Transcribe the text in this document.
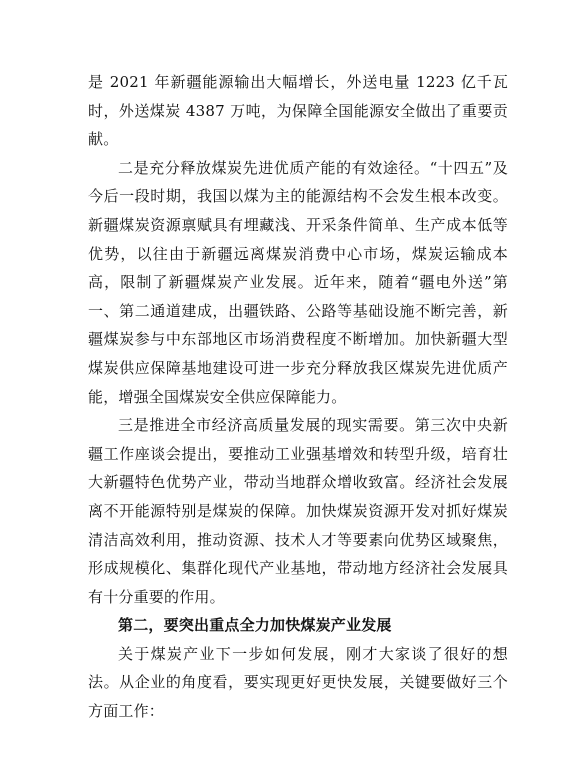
是 2021 年新疆能源输出大幅增长，外送电量 1223 亿千瓦时，外送煤炭 4387 万吨，为保障全国能源安全做出了重要贡献。

二是充分释放煤炭先进优质产能的有效途径。“十四五”及今后一段时期，我国以煤为主的能源结构不会发生根本改变。新疆煤炭资源禀赋具有埋藏浅、开采条件简单、生产成本低等优势，以往由于新疆远离煤炭消费中心市场，煤炭运输成本高，限制了新疆煤炭产业发展。近年来，随着“疆电外送”第一、第二通道建成，出疆铁路、公路等基础设施不断完善，新疆煤炭参与中东部地区市场消费程度不断增加。加快新疆大型煤炭供应保障基地建设可进一步充分释放我区煤炭先进优质产能，增强全国煤炭安全供应保障能力。

三是推进全市经济高质量发展的现实需要。第三次中央新疆工作座谈会提出，要推动工业强基增效和转型升级，培育壮大新疆特色优势产业，带动当地群众增收致富。经济社会发展离不开能源特别是煤炭的保障。加快煤炭资源开发对抓好煤炭清洁高效利用，推动资源、技术人才等要素向优势区域聚焦，形成规模化、集群化现代产业基地，带动地方经济社会发展具有十分重要的作用。

第二，要突出重点全力加快煤炭产业发展

关于煤炭产业下一步如何发展，刚才大家谈了很好的想法。从企业的角度看，要实现更好更快发展，关键要做好三个方面工作：
